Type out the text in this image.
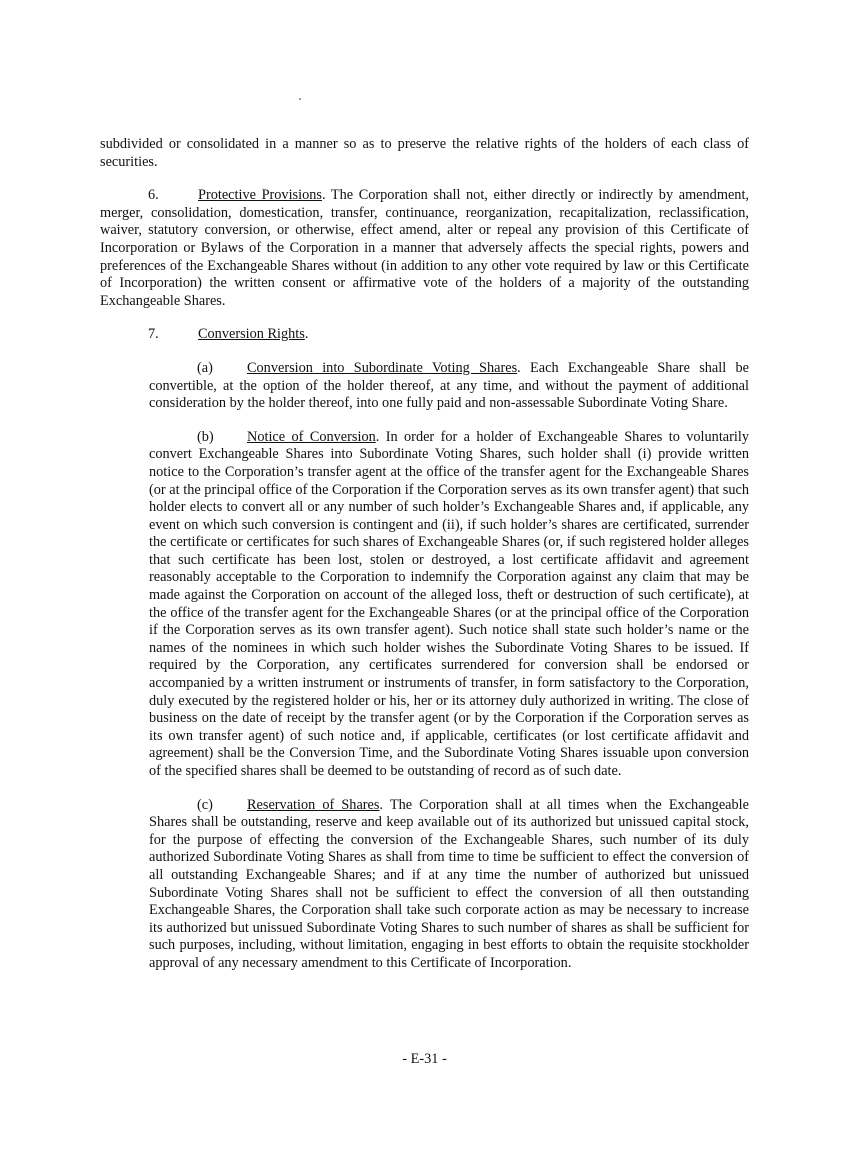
subdivided or consolidated in a manner so as to preserve the relative rights of the holders of each class of securities.

6.	Protective Provisions. The Corporation shall not, either directly or indirectly by amendment, merger, consolidation, domestication, transfer, continuance, reorganization, recapitalization, reclassification, waiver, statutory conversion, or otherwise, effect amend, alter or repeal any provision of this Certificate of Incorporation or Bylaws of the Corporation in a manner that adversely affects the special rights, powers and preferences of the Exchangeable Shares without (in addition to any other vote required by law or this Certificate of Incorporation) the written consent or affirmative vote of the holders of a majority of the outstanding Exchangeable Shares.

7.	Conversion Rights.

(a) Conversion into Subordinate Voting Shares. Each Exchangeable Share shall be convertible, at the option of the holder thereof, at any time, and without the payment of additional consideration by the holder thereof, into one fully paid and non-assessable Subordinate Voting Share.

(b) Notice of Conversion. In order for a holder of Exchangeable Shares to voluntarily convert Exchangeable Shares into Subordinate Voting Shares, such holder shall (i) provide written notice to the Corporation’s transfer agent at the office of the transfer agent for the Exchangeable Shares (or at the principal office of the Corporation if the Corporation serves as its own transfer agent) that such holder elects to convert all or any number of such holder’s Exchangeable Shares and, if applicable, any event on which such conversion is contingent and (ii), if such holder’s shares are certificated, surrender the certificate or certificates for such shares of Exchangeable Shares (or, if such registered holder alleges that such certificate has been lost, stolen or destroyed, a lost certificate affidavit and agreement reasonably acceptable to the Corporation to indemnify the Corporation against any claim that may be made against the Corporation on account of the alleged loss, theft or destruction of such certificate), at the office of the transfer agent for the Exchangeable Shares (or at the principal office of the Corporation if the Corporation serves as its own transfer agent). Such notice shall state such holder’s name or the names of the nominees in which such holder wishes the Subordinate Voting Shares to be issued. If required by the Corporation, any certificates surrendered for conversion shall be endorsed or accompanied by a written instrument or instruments of transfer, in form satisfactory to the Corporation, duly executed by the registered holder or his, her or its attorney duly authorized in writing. The close of business on the date of receipt by the transfer agent (or by the Corporation if the Corporation serves as its own transfer agent) of such notice and, if applicable, certificates (or lost certificate affidavit and agreement) shall be the Conversion Time, and the Subordinate Voting Shares issuable upon conversion of the specified shares shall be deemed to be outstanding of record as of such date.

(c) Reservation of Shares. The Corporation shall at all times when the Exchangeable Shares shall be outstanding, reserve and keep available out of its authorized but unissued capital stock, for the purpose of effecting the conversion of the Exchangeable Shares, such number of its duly authorized Subordinate Voting Shares as shall from time to time be sufficient to effect the conversion of all outstanding Exchangeable Shares; and if at any time the number of authorized but unissued Subordinate Voting Shares shall not be sufficient to effect the conversion of all then outstanding Exchangeable Shares, the Corporation shall take such corporate action as may be necessary to increase its authorized but unissued Subordinate Voting Shares to such number of shares as shall be sufficient for such purposes, including, without limitation, engaging in best efforts to obtain the requisite stockholder approval of any necessary amendment to this Certificate of Incorporation.

- E-31 -
